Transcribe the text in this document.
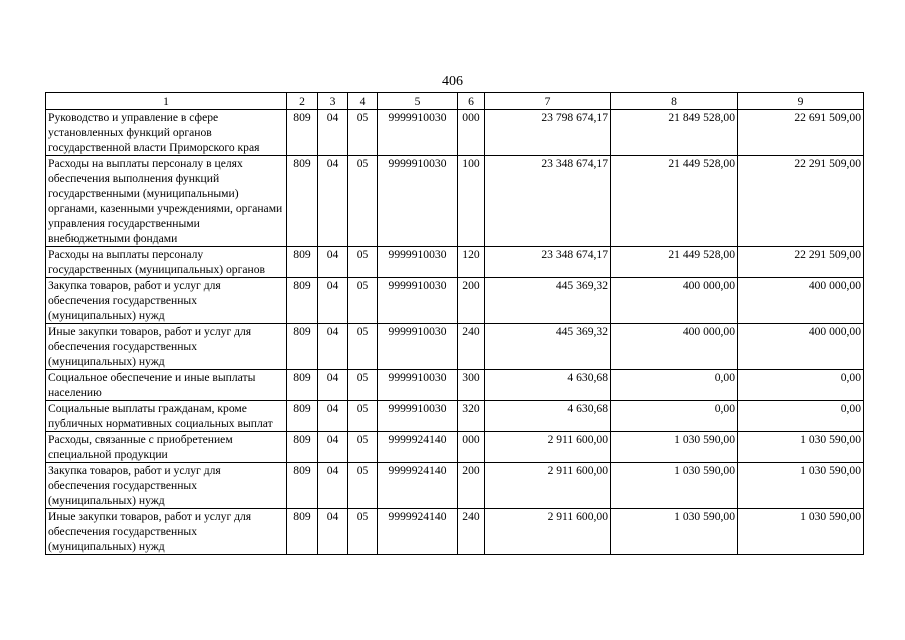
406
1	2	3	4	5	6	7	8	9
Руководство и управление в сфере установленных функций органов государственной власти Приморского края	809	04	05	9999910030	000	23 798 674,17	21 849 528,00	22 691 509,00
Расходы на выплаты персоналу в целях обеспечения выполнения функций государственными (муниципальными) органами, казенными учреждениями, органами управления государственными внебюджетными фондами	809	04	05	9999910030	100	23 348 674,17	21 449 528,00	22 291 509,00
Расходы на выплаты персоналу государственных (муниципальных) органов	809	04	05	9999910030	120	23 348 674,17	21 449 528,00	22 291 509,00
Закупка товаров, работ и услуг для обеспечения государственных (муниципальных) нужд	809	04	05	9999910030	200	445 369,32	400 000,00	400 000,00
Иные закупки товаров, работ и услуг для обеспечения государственных (муниципальных) нужд	809	04	05	9999910030	240	445 369,32	400 000,00	400 000,00
Социальное обеспечение и иные выплаты населению	809	04	05	9999910030	300	4 630,68	0,00	0,00
Социальные выплаты гражданам, кроме публичных нормативных социальных выплат	809	04	05	9999910030	320	4 630,68	0,00	0,00
Расходы, связанные с приобретением специальной продукции	809	04	05	9999924140	000	2 911 600,00	1 030 590,00	1 030 590,00
Закупка товаров, работ и услуг для обеспечения государственных (муниципальных) нужд	809	04	05	9999924140	200	2 911 600,00	1 030 590,00	1 030 590,00
Иные закупки товаров, работ и услуг для обеспечения государственных (муниципальных) нужд	809	04	05	9999924140	240	2 911 600,00	1 030 590,00	1 030 590,00
